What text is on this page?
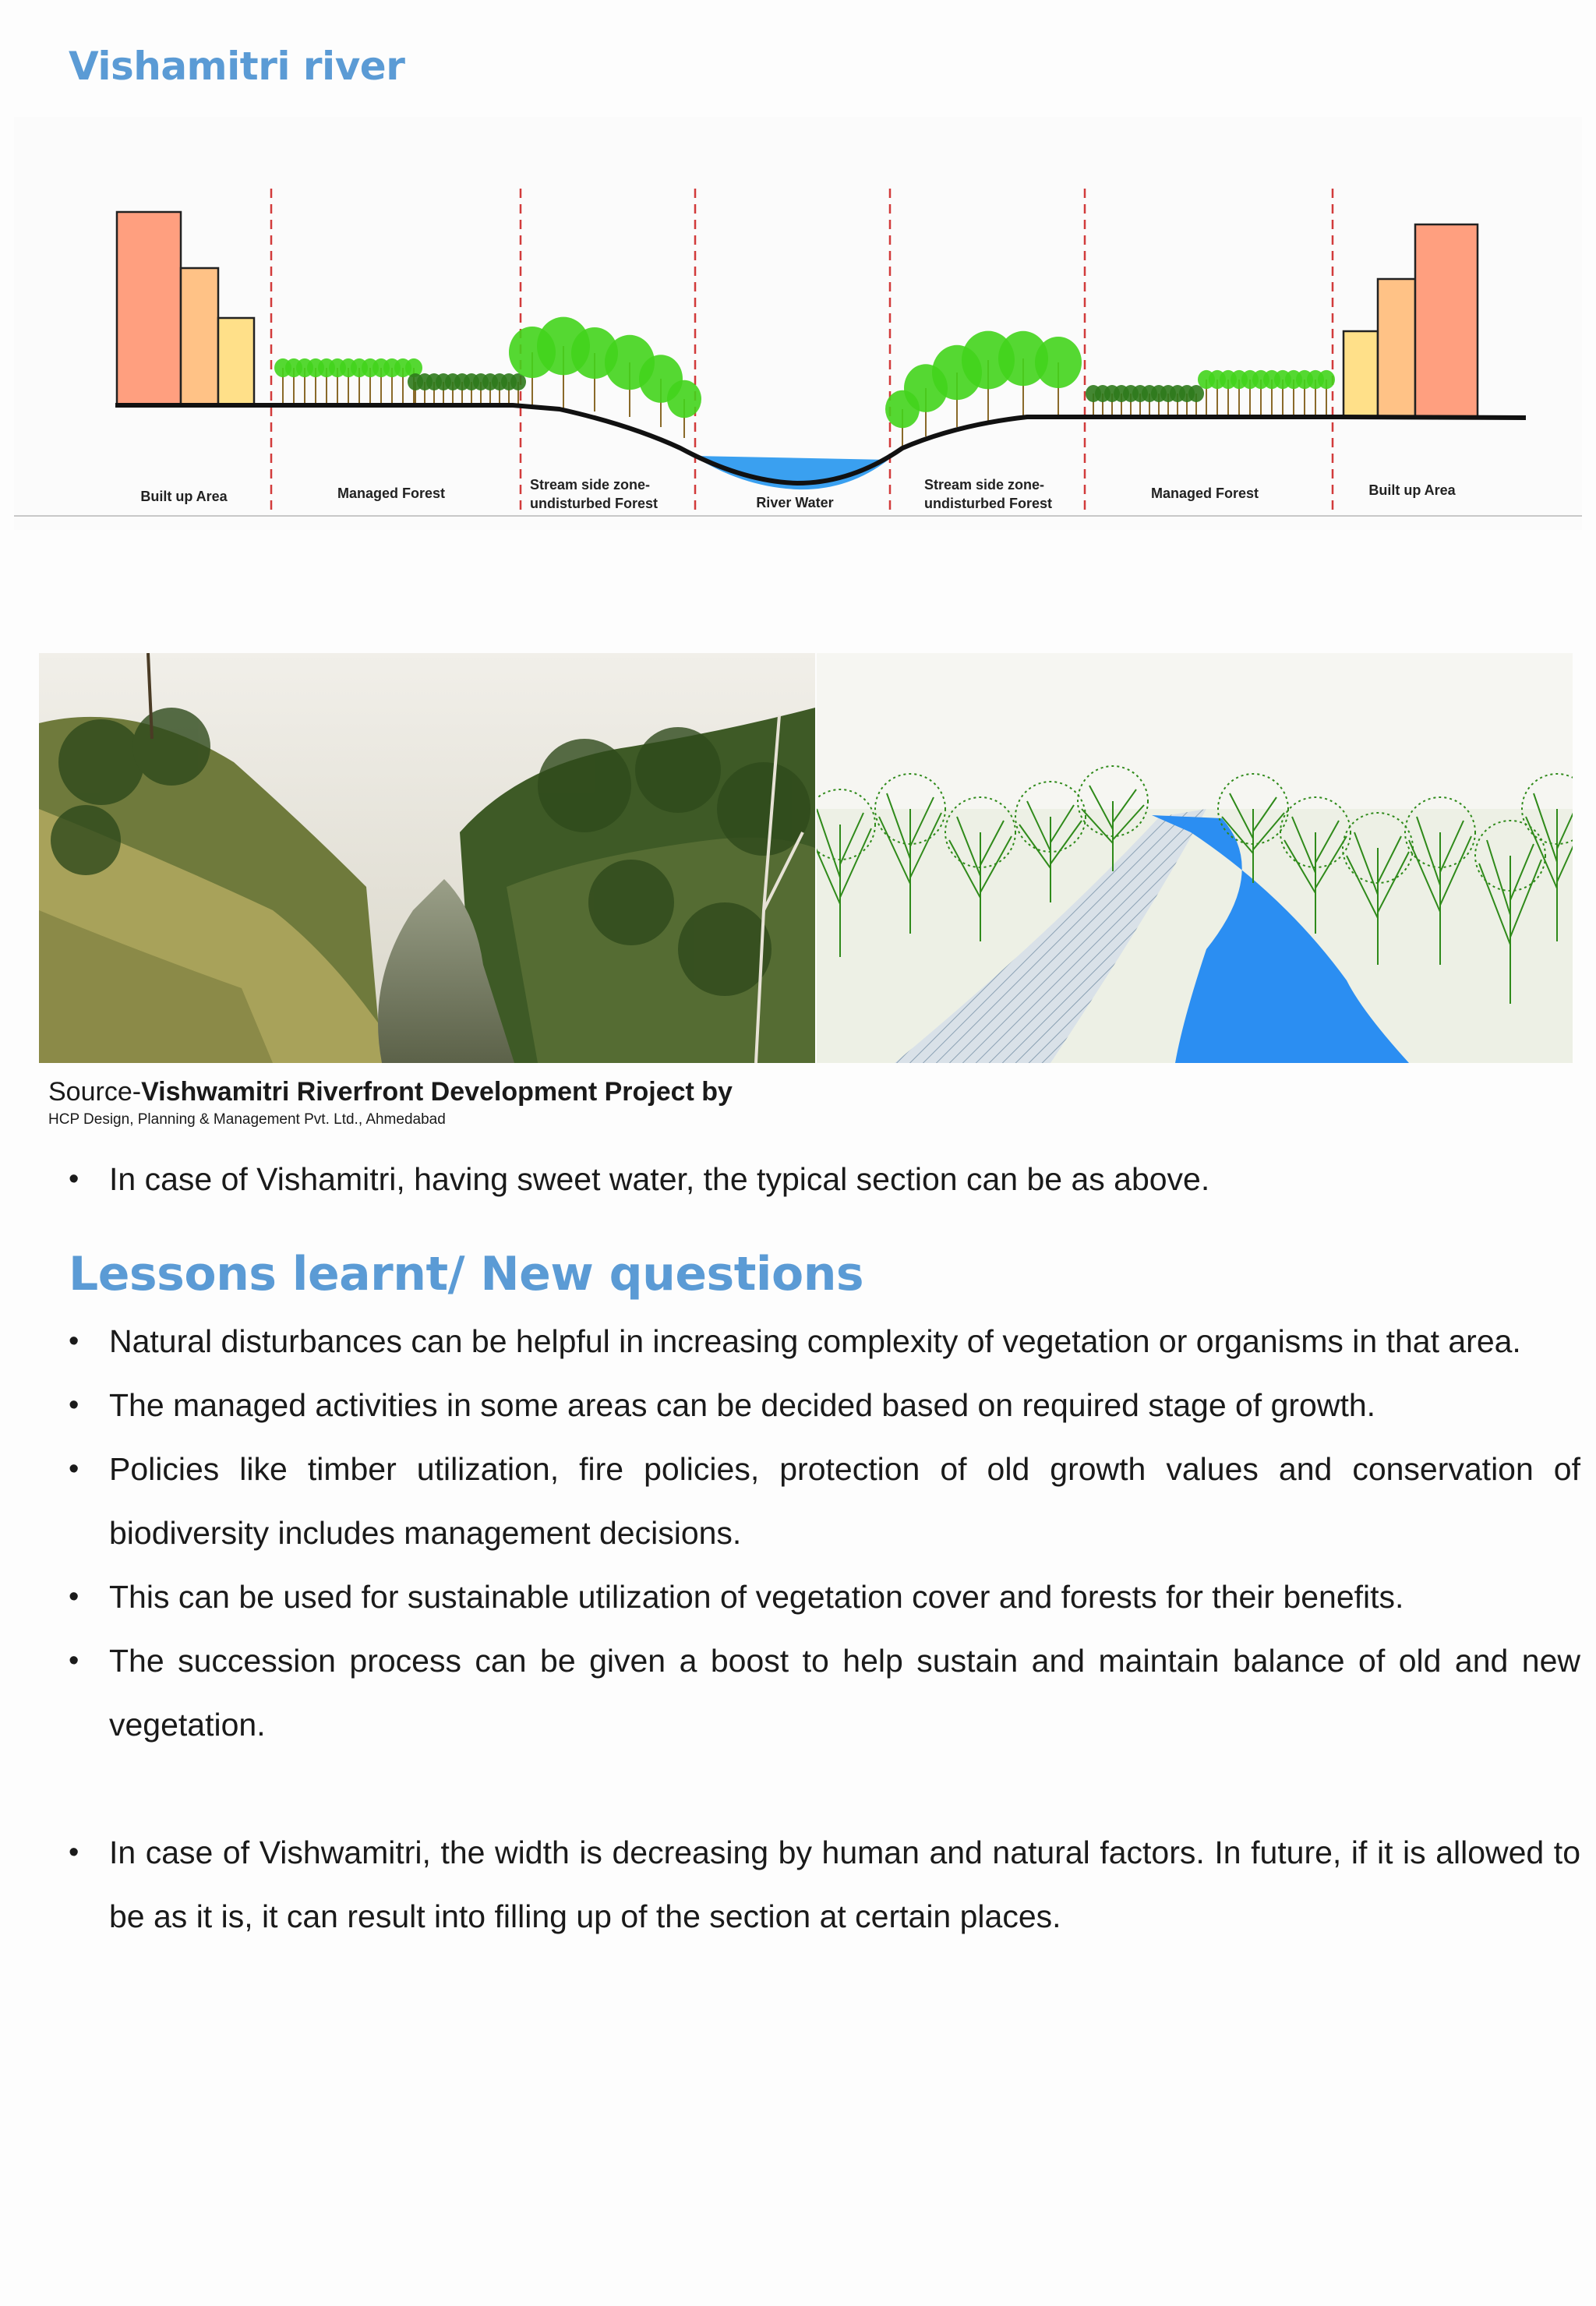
Vishamitri river
Built up Area	Managed Forest
Stream side zone- undisturbed Forest	River Water
Stream side zone- undisturbed Forest
Managed Forest	Built up Area
Source-Vishwamitri Riverfront Development Project by
HCP Design, Planning & Management Pvt. Ltd., Ahmedabad
• In case of Vishamitri, having sweet water, the typical section can be as above.
Lessons learnt/ New questions
• Natural disturbances can be helpful in increasing complexity of vegetation or organisms in that area.
• The managed activities in some areas can be decided based on required stage of growth.
• Policies like timber utilization, fire policies, protection of old growth values and conservation of biodiversity includes management decisions.
• This can be used for sustainable utilization of vegetation cover and forests for their benefits.
• The succession process can be given a boost to help sustain and maintain balance of old and new vegetation.
• In case of Vishwamitri, the width is decreasing by human and natural factors. In future, if it is allowed to be as it is, it can result into filling up of the section at certain places.
